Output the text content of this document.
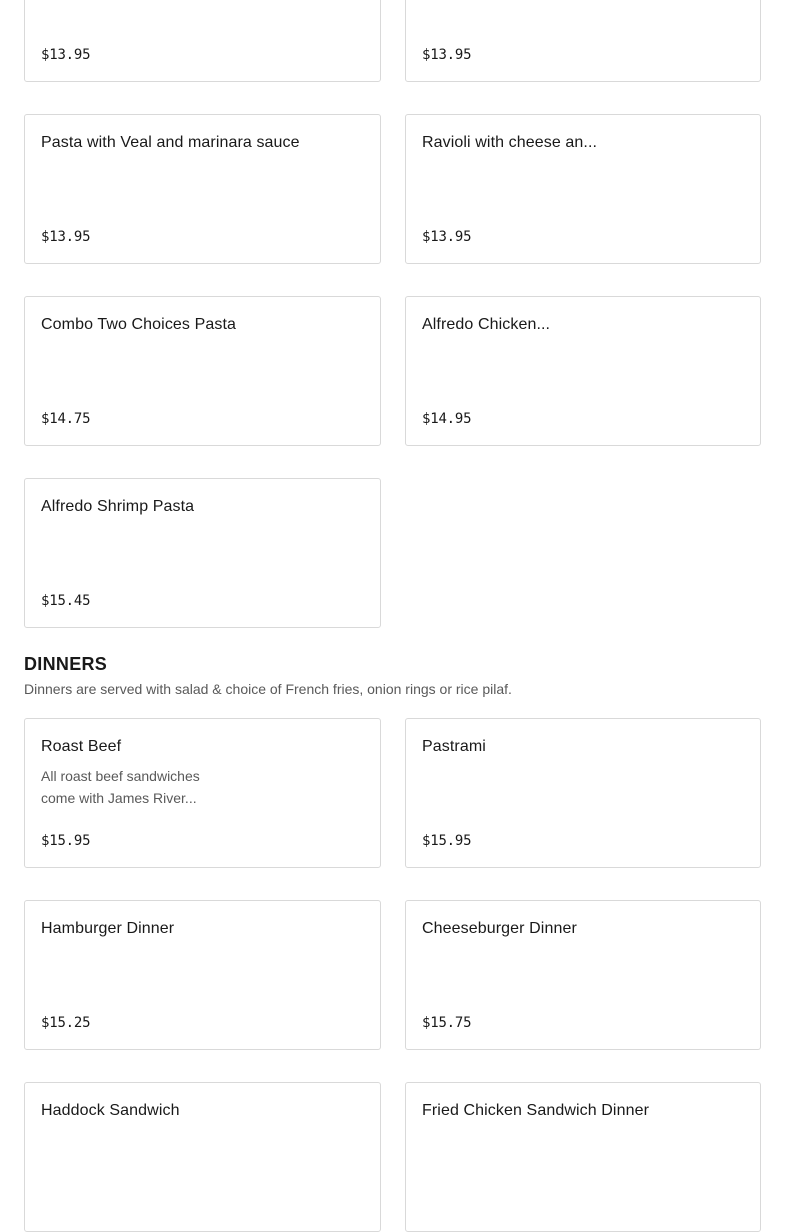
$13.95	$13.95
Pasta with Veal and marinara sauce
$13.95
Ravioli with cheese an...
$13.95
Combo Two Choices Pasta
$14.75
Alfredo Chicken...
$14.95
Alfredo Shrimp Pasta
$15.45
DINNERS
Dinners are served with salad & choice of French fries, onion rings or rice pilaf.
Roast Beef
All roast beef sandwiches come with James River...
$15.95
Pastrami
$15.95
Hamburger Dinner
$15.25
Cheeseburger Dinner
$15.75
Haddock Sandwich	Fried Chicken Sandwich Dinner
